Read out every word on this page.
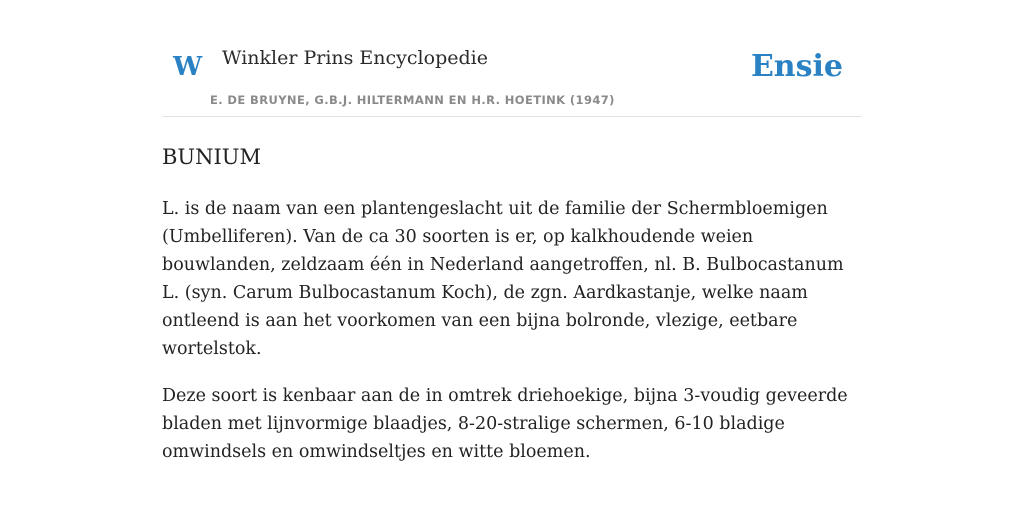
W Winkler Prins Encyclopedie	Ensie
E. DE BRUYNE, G.B.J. HILTERMANN EN H.R. HOETINK (1947)
BUNIUM

L. is de naam van een plantengeslacht uit de familie der Schermbloemigen (Umbelliferen). Van de ca 30 soorten is er, op kalkhoudende weien bouwlanden, zeldzaam één in Nederland aangetroffen, nl. B. Bulbocastanum L. (syn. Carum Bulbocastanum Koch), de zgn. Aardkastanje, welke naam ontleend is aan het voorkomen van een bijna bolronde, vlezige, eetbare wortelstok.

Deze soort is kenbaar aan de in omtrek driehoekige, bijna 3-voudig geveerde bladen met lijnvormige blaadjes, 8-20-stralige schermen, 6-10 bladige omwindsels en omwindseltjes en witte bloemen.
